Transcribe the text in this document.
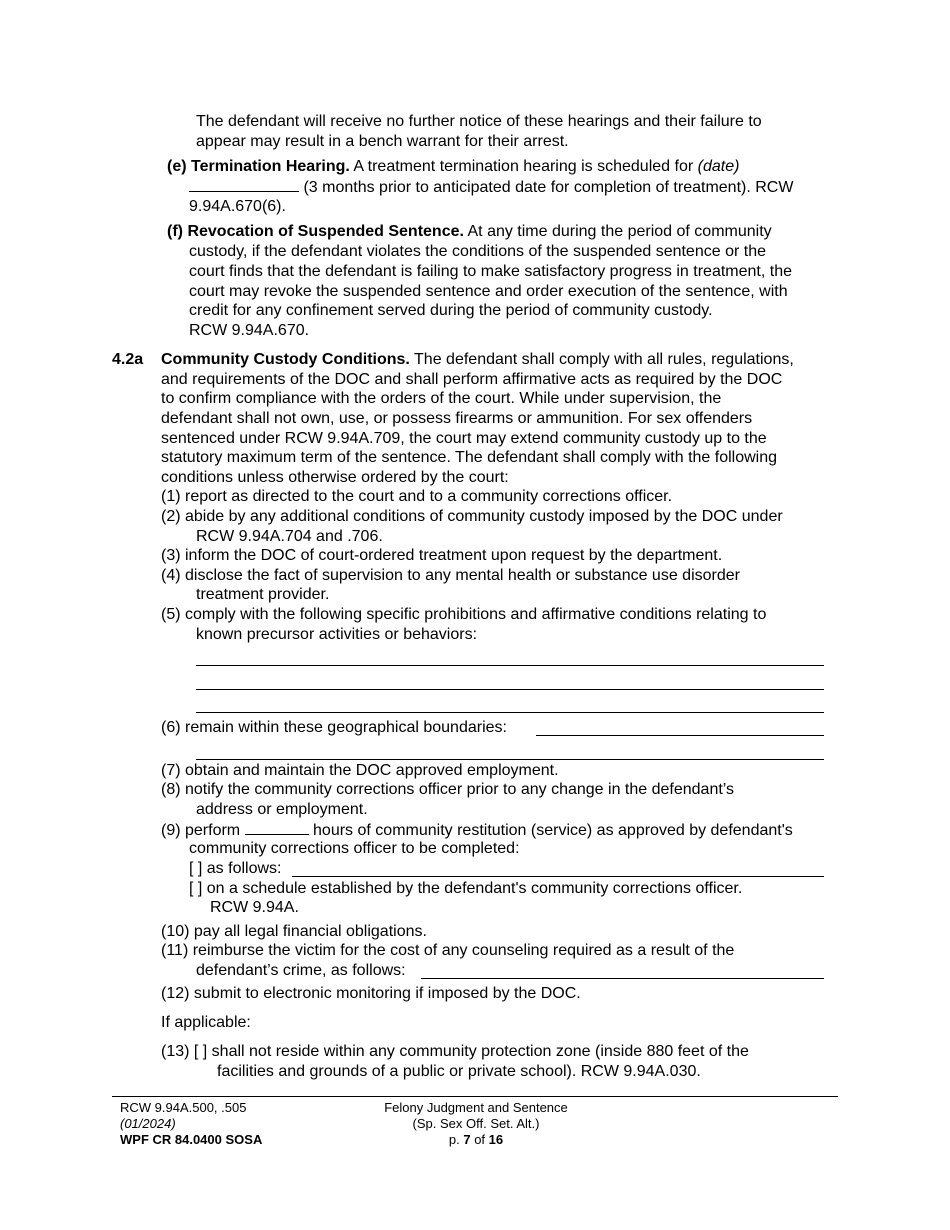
The defendant will receive no further notice of these hearings and their failure to
appear may result in a bench warrant for their arrest.
(e) Termination Hearing. A treatment termination hearing is scheduled for (date)
(3 months prior to anticipated date for completion of treatment). RCW
9.94A.670(6).
(f) Revocation of Suspended Sentence. At any time during the period of community
custody, if the defendant violates the conditions of the suspended sentence or the
court finds that the defendant is failing to make satisfactory progress in treatment, the
court may revoke the suspended sentence and order execution of the sentence, with
credit for any confinement served during the period of community custody.
RCW 9.94A.670.
4.2a Community Custody Conditions. The defendant shall comply with all rules, regulations,
and requirements of the DOC and shall perform affirmative acts as required by the DOC
to confirm compliance with the orders of the court. While under supervision, the
defendant shall not own, use, or possess firearms or ammunition. For sex offenders
sentenced under RCW 9.94A.709, the court may extend community custody up to the
statutory maximum term of the sentence. The defendant shall comply with the following
conditions unless otherwise ordered by the court:
(1) report as directed to the court and to a community corrections officer.
(2) abide by any additional conditions of community custody imposed by the DOC under
RCW 9.94A.704 and .706.
(3) inform the DOC of court-ordered treatment upon request by the department.
(4) disclose the fact of supervision to any mental health or substance use disorder
treatment provider.
(5) comply with the following specific prohibitions and affirmative conditions relating to
known precursor activities or behaviors:
(6) remain within these geographical boundaries:
(7) obtain and maintain the DOC approved employment.
(8) notify the community corrections officer prior to any change in the defendant’s
address or employment.
(9) perform	hours of community restitution (service) as approved by defendant's
community corrections officer to be completed:
[ ] as follows:
[ ] on a schedule established by the defendant's community corrections officer.
RCW 9.94A.
(10) pay all legal financial obligations.
(11) reimburse the victim for the cost of any counseling required as a result of the
defendant’s crime, as follows:
(12) submit to electronic monitoring if imposed by the DOC.
If applicable:
(13) [ ] shall not reside within any community protection zone (inside 880 feet of the
facilities and grounds of a public or private school). RCW 9.94A.030.
RCW 9.94A.500, .505
(01/2024)
WPF CR 84.0400 SOSA
Felony Judgment and Sentence
(Sp. Sex Off. Set. Alt.)
p. 7 of 16
